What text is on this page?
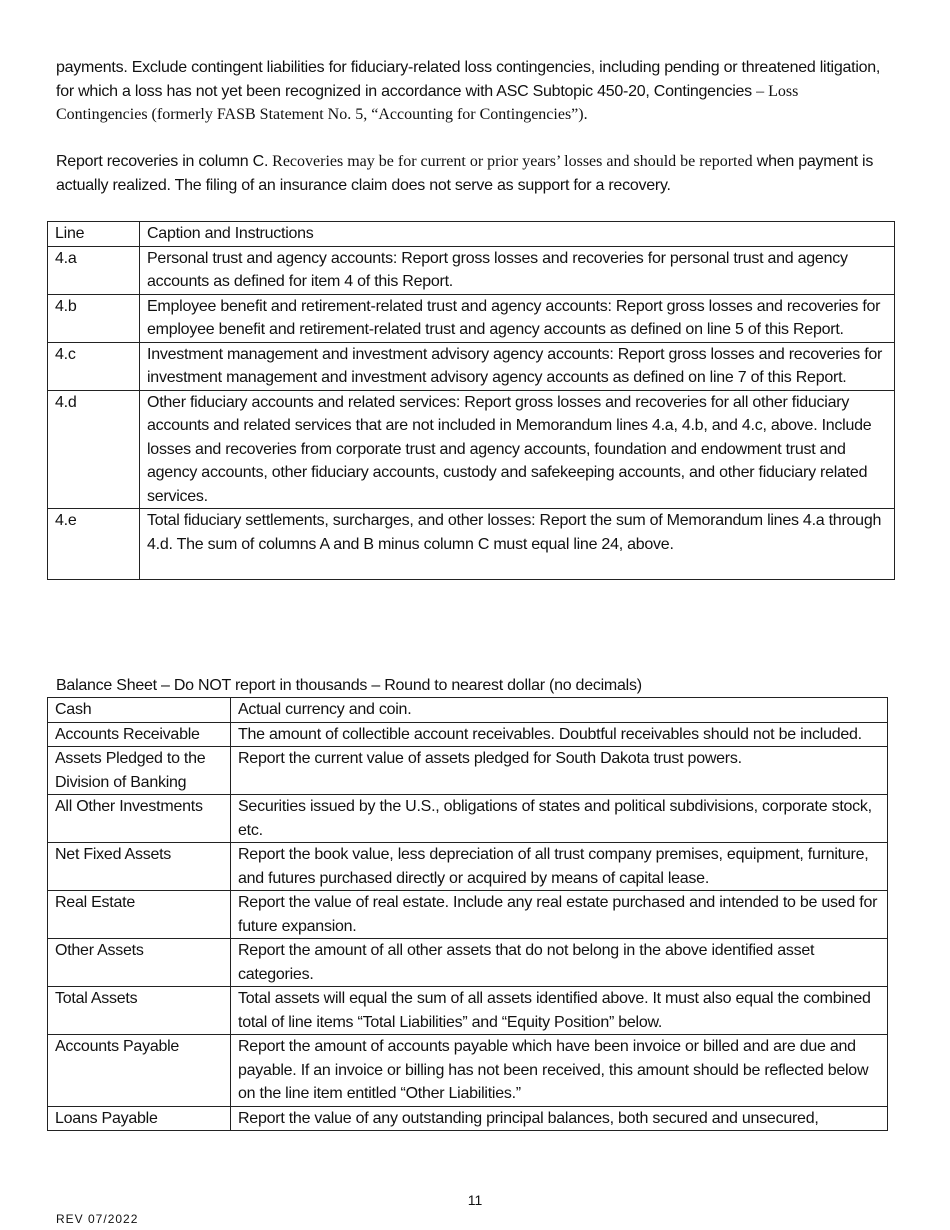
payments. Exclude contingent liabilities for fiduciary-related loss contingencies, including pending or threatened litigation, for which a loss has not yet been recognized in accordance with ASC Subtopic 450-20, Contingencies – Loss Contingencies (formerly FASB Statement No. 5, “Accounting for Contingencies”).
Report recoveries in column C. Recoveries may be for current or prior years’ losses and should be reported when payment is actually realized. The filing of an insurance claim does not serve as support for a recovery.
Line	Caption and Instructions
4.a	Personal trust and agency accounts: Report gross losses and recoveries for personal trust and agency accounts as defined for item 4 of this Report.
4.b	Employee benefit and retirement-related trust and agency accounts: Report gross losses and recoveries for employee benefit and retirement-related trust and agency accounts as defined on line 5 of this Report.
4.c	Investment management and investment advisory agency accounts: Report gross losses and recoveries for investment management and investment advisory agency accounts as defined on line 7 of this Report.
4.d	Other fiduciary accounts and related services: Report gross losses and recoveries for all other fiduciary accounts and related services that are not included in Memorandum lines 4.a, 4.b, and 4.c, above. Include losses and recoveries from corporate trust and agency accounts, foundation and endowment trust and agency accounts, other fiduciary accounts, custody and safekeeping accounts, and other fiduciary related services.
4.e	Total fiduciary settlements, surcharges, and other losses: Report the sum of Memorandum lines 4.a through 4.d. The sum of columns A and B minus column C must equal line 24, above.
Balance Sheet – Do NOT report in thousands – Round to nearest dollar (no decimals)
Cash	Actual currency and coin.
Accounts Receivable	The amount of collectible account receivables. Doubtful receivables should not be included.
Assets Pledged to the Division of Banking	Report the current value of assets pledged for South Dakota trust powers.
All Other Investments	Securities issued by the U.S., obligations of states and political subdivisions, corporate stock, etc.
Net Fixed Assets	Report the book value, less depreciation of all trust company premises, equipment, furniture, and futures purchased directly or acquired by means of capital lease.
Real Estate	Report the value of real estate. Include any real estate purchased and intended to be used for future expansion.
Other Assets	Report the amount of all other assets that do not belong in the above identified asset categories.
Total Assets	Total assets will equal the sum of all assets identified above. It must also equal the combined total of line items “Total Liabilities” and “Equity Position” below.
Accounts Payable	Report the amount of accounts payable which have been invoice or billed and are due and payable. If an invoice or billing has not been received, this amount should be reflected below on the line item entitled “Other Liabilities.”
Loans Payable	Report the value of any outstanding principal balances, both secured and unsecured,
11
REV 07/2022
